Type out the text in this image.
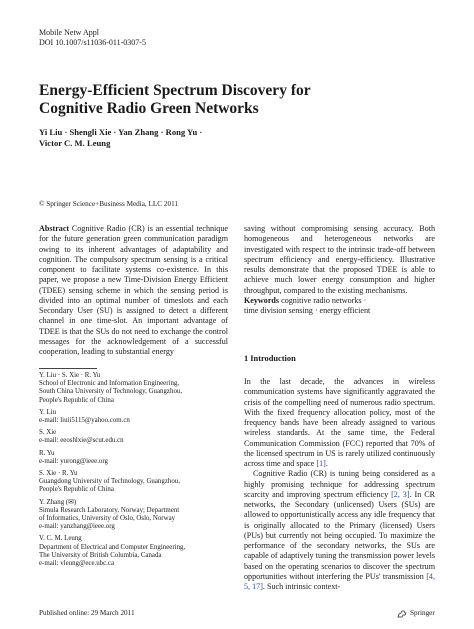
Mobile Netw Appl
DOI 10.1007/s11036-011-0307-5
Energy-Efficient Spectrum Discovery for Cognitive Radio Green Networks
Yi Liu · Shengli Xie · Yan Zhang · Rong Yu ·
Victor C. M. Leung
© Springer Science+Business Media, LLC 2011

Abstract Cognitive Radio (CR) is an essential technique for the future generation green communication paradigm owing to its inherent advantages of adaptability and cognition. The compulsory spectrum sensing is a critical component to facilitate systems co-existence. In this paper, we propose a new Time-Division Energy Efficient (TDEE) sensing scheme in which the sensing period is divided into an optimal number of timeslots and each Secondary User (SU) is assigned to detect a different channel in one time-slot. An important advantage of TDEE is that the SUs do not need to exchange the control messages for the acknowledgement of a successful cooperation, leading to substantial energy

saving without compromising sensing accuracy. Both homogeneous and heterogeneous networks are investigated with respect to the intrinsic trade-off between spectrum efficiency and energy-efficiency. Illustrative results demonstrate that the proposed TDEE is able to achieve much lower energy consumption and higher throughput, compared to the existing mechanisms.

Keywords cognitive radio networks ·
time division sensing · energy efficient

1 Introduction

In the last decade, the advances in wireless communication systems have significantly aggravated the crisis of the compelling need of numerous radio spectrum. With the fixed frequency allocation policy, most of the frequency bands have been already assigned to various wireless standards. At the same time, the Federal Communication Commission (FCC) reported that 70% of the licensed spectrum in US is rarely utilized continuously across time and space [1].

Cognitive Radio (CR) is tuning being considered as a highly promising technique for addressing spectrum scarcity and improving spectrum efficiency [2, 3]. In CR networks, the Secondary (unlicensed) Users (SUs) are allowed to opportunistically access any idle frequency that is originally allocated to the Primary (licensed) Users (PUs) but currently not being occupied. To maximize the performance of the secondary networks, the SUs are capable of adaptively tuning the transmission power levels based on the operating scenarios to discover the spectrum opportunities without interfering the PUs' transmission [4, 5, 17]. Such intrinsic context-

Y. Liu · S. Xie · R. Yu
School of Electronic and Information Engineering,
South China University of Technology, Guangzhou,
People's Republic of China
Y. Liu
e-mail: liuii5115@yahoo.com.cn
S. Xie
e-mail: eeoshlxie@scut.edu.cn
R. Yu
e-mail: yurong@ieee.org
S. Xie · R. Yu
Guangdong University of Technology, Guangzhou,
People's Republic of China
Y. Zhang (✉)
Simula Research Laboratory, Norway; Department
of Informatics, University of Oslo, Oslo, Norway
e-mail: yanzhang@ieee.org
V. C. M. Leung
Department of Electrical and Computer Engineering,
The University of British Columbia, Canada
e-mail: vleung@ece.ubc.ca
Published online: 29 March 2011	Springer
